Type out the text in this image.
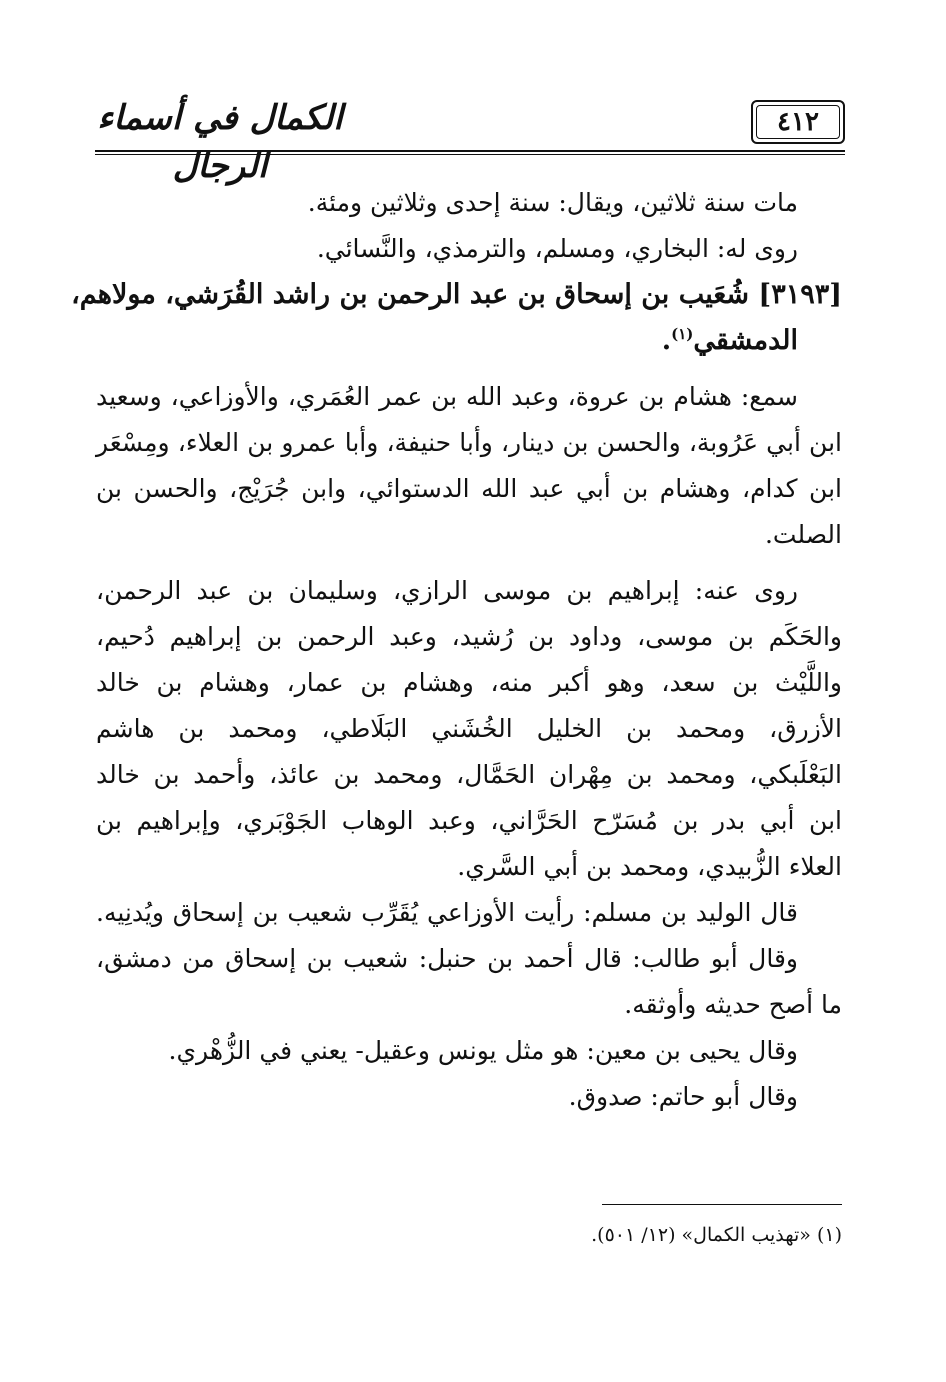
الكمال في أسماء الرجال
٤١٢
مات سنة ثلاثين، ويقال: سنة إحدى وثلاثين ومئة.
روى له: البخاري، ومسلم، والترمذي، والنَّسائي.
[٣١٩٣] شُعَيب بن إسحاق بن عبد الرحمن بن راشد القُرَشي، مولاهم،
الدمشقي$^{(١)}$.
سمع: هشام بن عروة، وعبد الله بن عمر العُمَري، والأوزاعي، وسعيد
ابن أبي عَرُوبة، والحسن بن دينار، وأبا حنيفة، وأبا عمرو بن العلاء، ومِسْعَر
ابن كدام، وهشام بن أبي عبد الله الدستوائي، وابن جُرَيْج، والحسن بن
الصلت.
روى عنه: إبراهيم بن موسى الرازي، وسليمان بن عبد الرحمن،
والحَكَم بن موسى، وداود بن رُشيد، وعبد الرحمن بن إبراهيم دُحيم،
واللَّيْث بن سعد، وهو أكبر منه، وهشام بن عمار، وهشام بن خالد
الأزرق، ومحمد بن الخليل الخُشَني البَلَاطي، ومحمد بن هاشم
البَعْلَبكي، ومحمد بن مِهْران الحَمَّال، ومحمد بن عائذ، وأحمد بن خالد
ابن أبي بدر بن مُسَرّح الحَرَّاني، وعبد الوهاب الجَوْبَري، وإبراهيم بن
العلاء الزُّبيدي، ومحمد بن أبي السَّري.
قال الوليد بن مسلم: رأيت الأوزاعي يُقَرِّب شعيب بن إسحاق ويُدنِيه.
وقال أبو طالب: قال أحمد بن حنبل: شعيب بن إسحاق من دمشق،
ما أصح حديثه وأوثقه.
وقال يحيى بن معين: هو مثل يونس وعقيل- يعني في الزُّهْري.
وقال أبو حاتم: صدوق.
(١) «تهذيب الكمال» (١٢/ ٥٠١).
